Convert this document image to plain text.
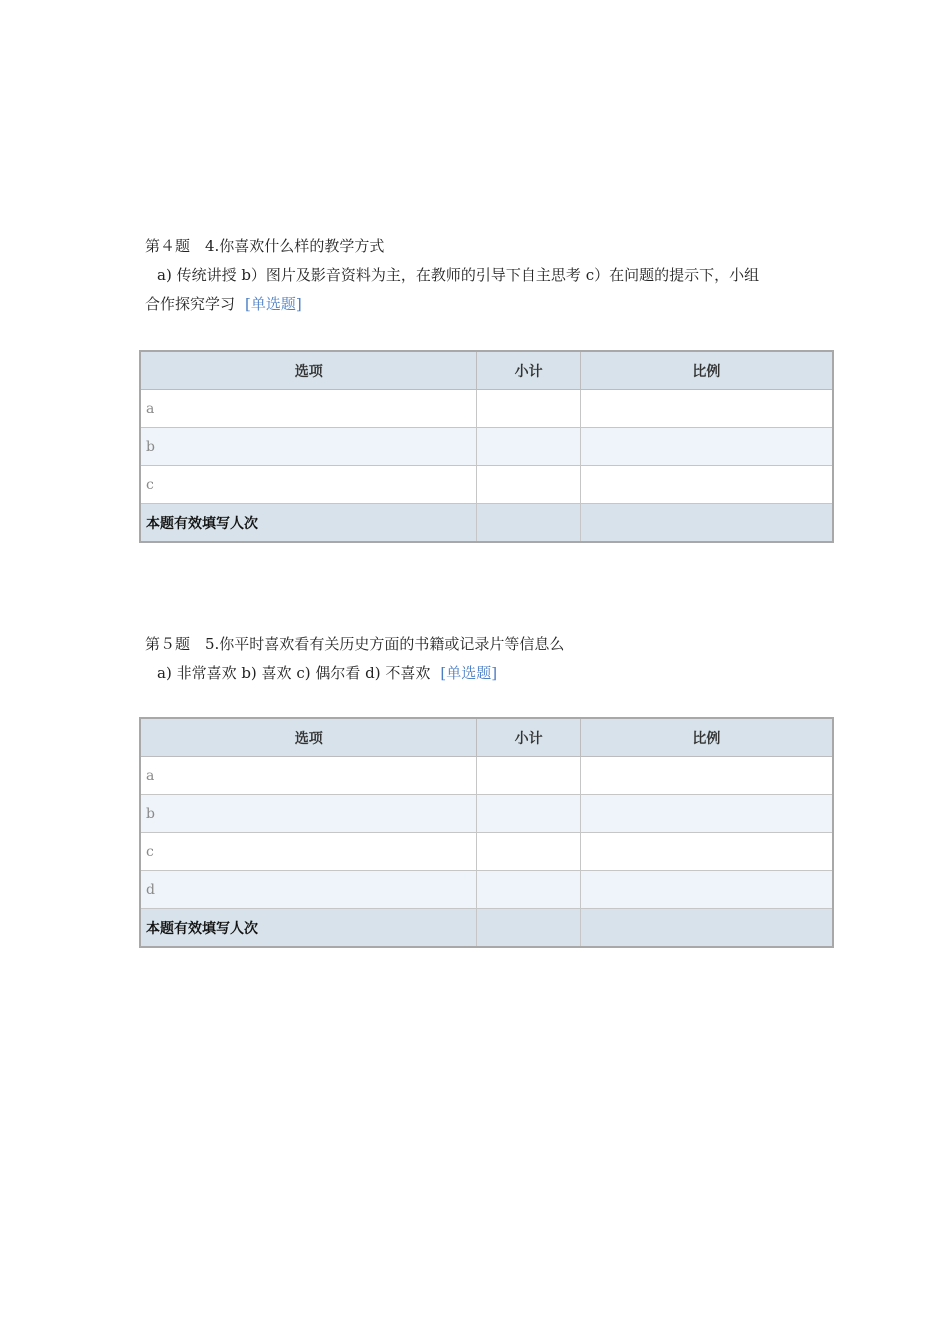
第４题　4.你喜欢什么样的教学方式
a) 传统讲授 b）图片及影音资料为主，在教师的引导下自主思考 c）在问题的提示下，小组
合作探究学习 [单选题]
选项	小计	比例
a		
b		
c		
本题有效填写人次		
第５题　5.你平时喜欢看有关历史方面的书籍或记录片等信息么
a) 非常喜欢 b) 喜欢 c) 偶尔看 d) 不喜欢 [单选题]
选项	小计	比例
a		
b		
c		
d		
本题有效填写人次		
